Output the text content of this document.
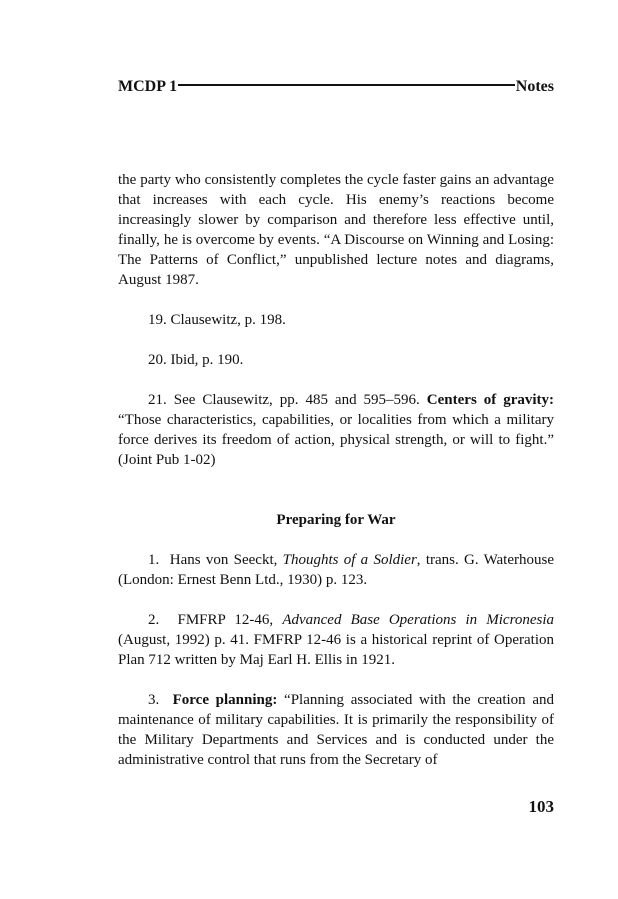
MCDP 1	Notes

the party who consistently completes the cycle faster gains an advantage that increases with each cycle. His enemy’s reactions become increasingly slower by comparison and therefore less effective until, finally, he is overcome by events. “A Discourse on Winning and Losing: The Patterns of Conflict,” unpublished lecture notes and diagrams, August 1987.

19. Clausewitz, p. 198.

20. Ibid, p. 190.

21. See Clausewitz, pp. 485 and 595–596. Centers of gravity: “Those characteristics, capabilities, or localities from which a military force derives its freedom of action, physical strength, or will to fight.” (Joint Pub 1-02)

Preparing for War

1. Hans von Seeckt, Thoughts of a Soldier, trans. G. Waterhouse (London: Ernest Benn Ltd., 1930) p. 123.

2. FMFRP 12-46, Advanced Base Operations in Micronesia (August, 1992) p. 41. FMFRP 12-46 is a historical reprint of Operation Plan 712 written by Maj Earl H. Ellis in 1921.

3. Force planning: “Planning associated with the creation and maintenance of military capabilities. It is primarily the responsibility of the Military Departments and Services and is conducted under the administrative control that runs from the Secretary of

103
